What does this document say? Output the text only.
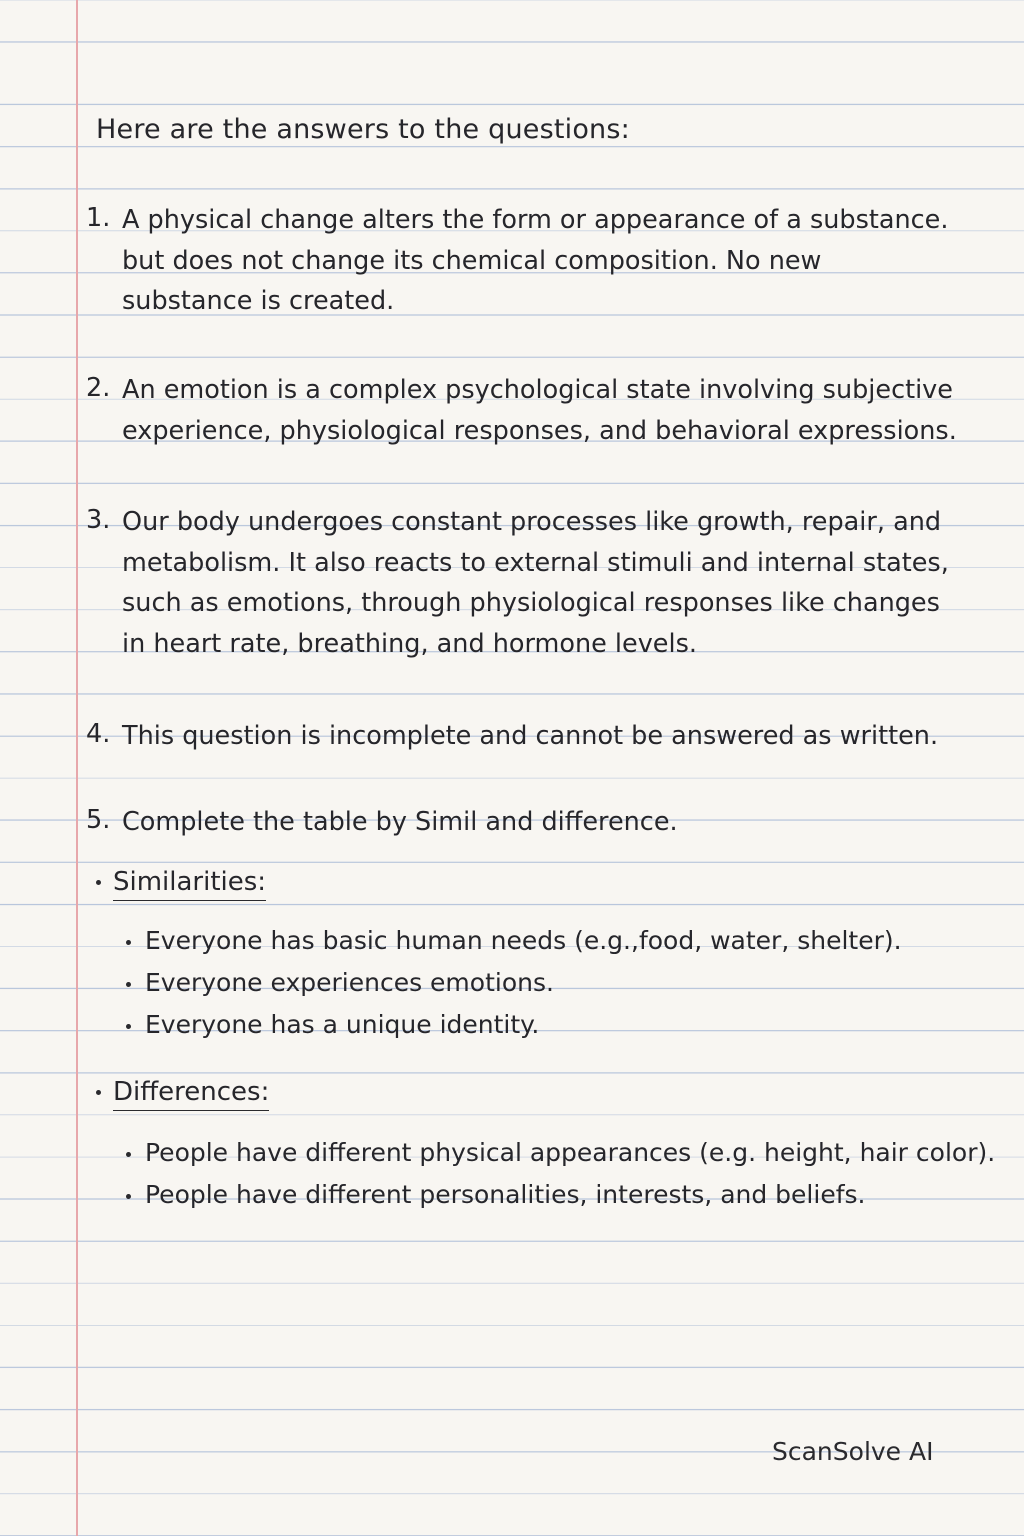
Here are the answers to the questions:

1. A physical change alters the form or appearance of a substance.
but does not change its chemical composition. No new
substance is created.
2. An emotion is a complex psychological state involving subjective
experience, physiological responses, and behavioral expressions.
3. Our body undergoes constant processes like growth, repair, and
metabolism. It also reacts to external stimuli and internal states,
such as emotions, through physiological responses like changes
in heart rate, breathing, and hormone levels.
4. This question is incomplete and cannot be answered as written.
5. Complete the table by Simil and difference.
Similarities:
Everyone has basic human needs (e.g.,food, water, shelter).
Everyone experiences emotions.
Everyone has a unique identity.
Differences:
People have different physical appearances (e.g. height, hair color).
People have different personalities, interests, and beliefs.
ScanSolve AI
